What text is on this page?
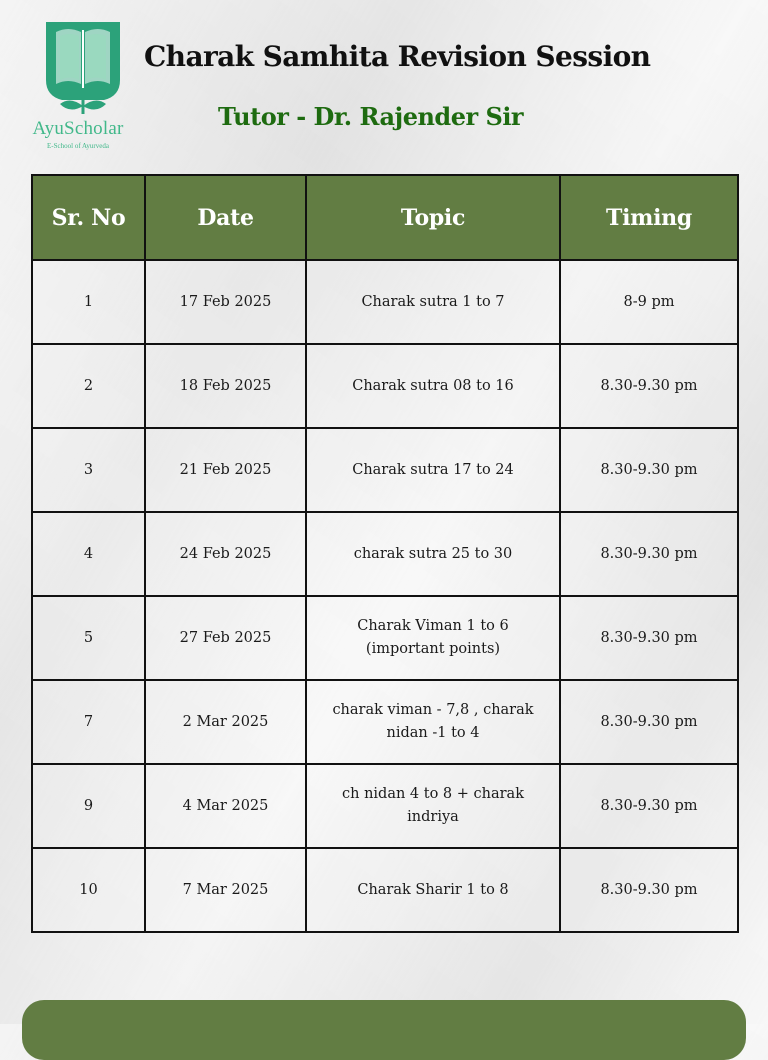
AyuScholar
E-School of Ayurveda
Charak Samhita Revision Session
Tutor - Dr. Rajender Sir
Sr. No	Date	Topic	Timing
1	17 Feb 2025	Charak sutra 1 to 7	8-9 pm
2	18 Feb 2025	Charak sutra 08 to 16	8.30-9.30 pm
3	21 Feb 2025	Charak sutra 17 to 24	8.30-9.30 pm
4	24 Feb 2025	charak sutra 25 to 30	8.30-9.30 pm
5	27 Feb 2025	Charak Viman 1 to 6 (important points)	8.30-9.30 pm
7	2 Mar 2025	charak viman - 7,8 , charak nidan -1 to 4	8.30-9.30 pm
9	4 Mar 2025	ch nidan 4 to 8 + charak indriya	8.30-9.30 pm
10	7 Mar 2025	Charak Sharir 1 to 8	8.30-9.30 pm
